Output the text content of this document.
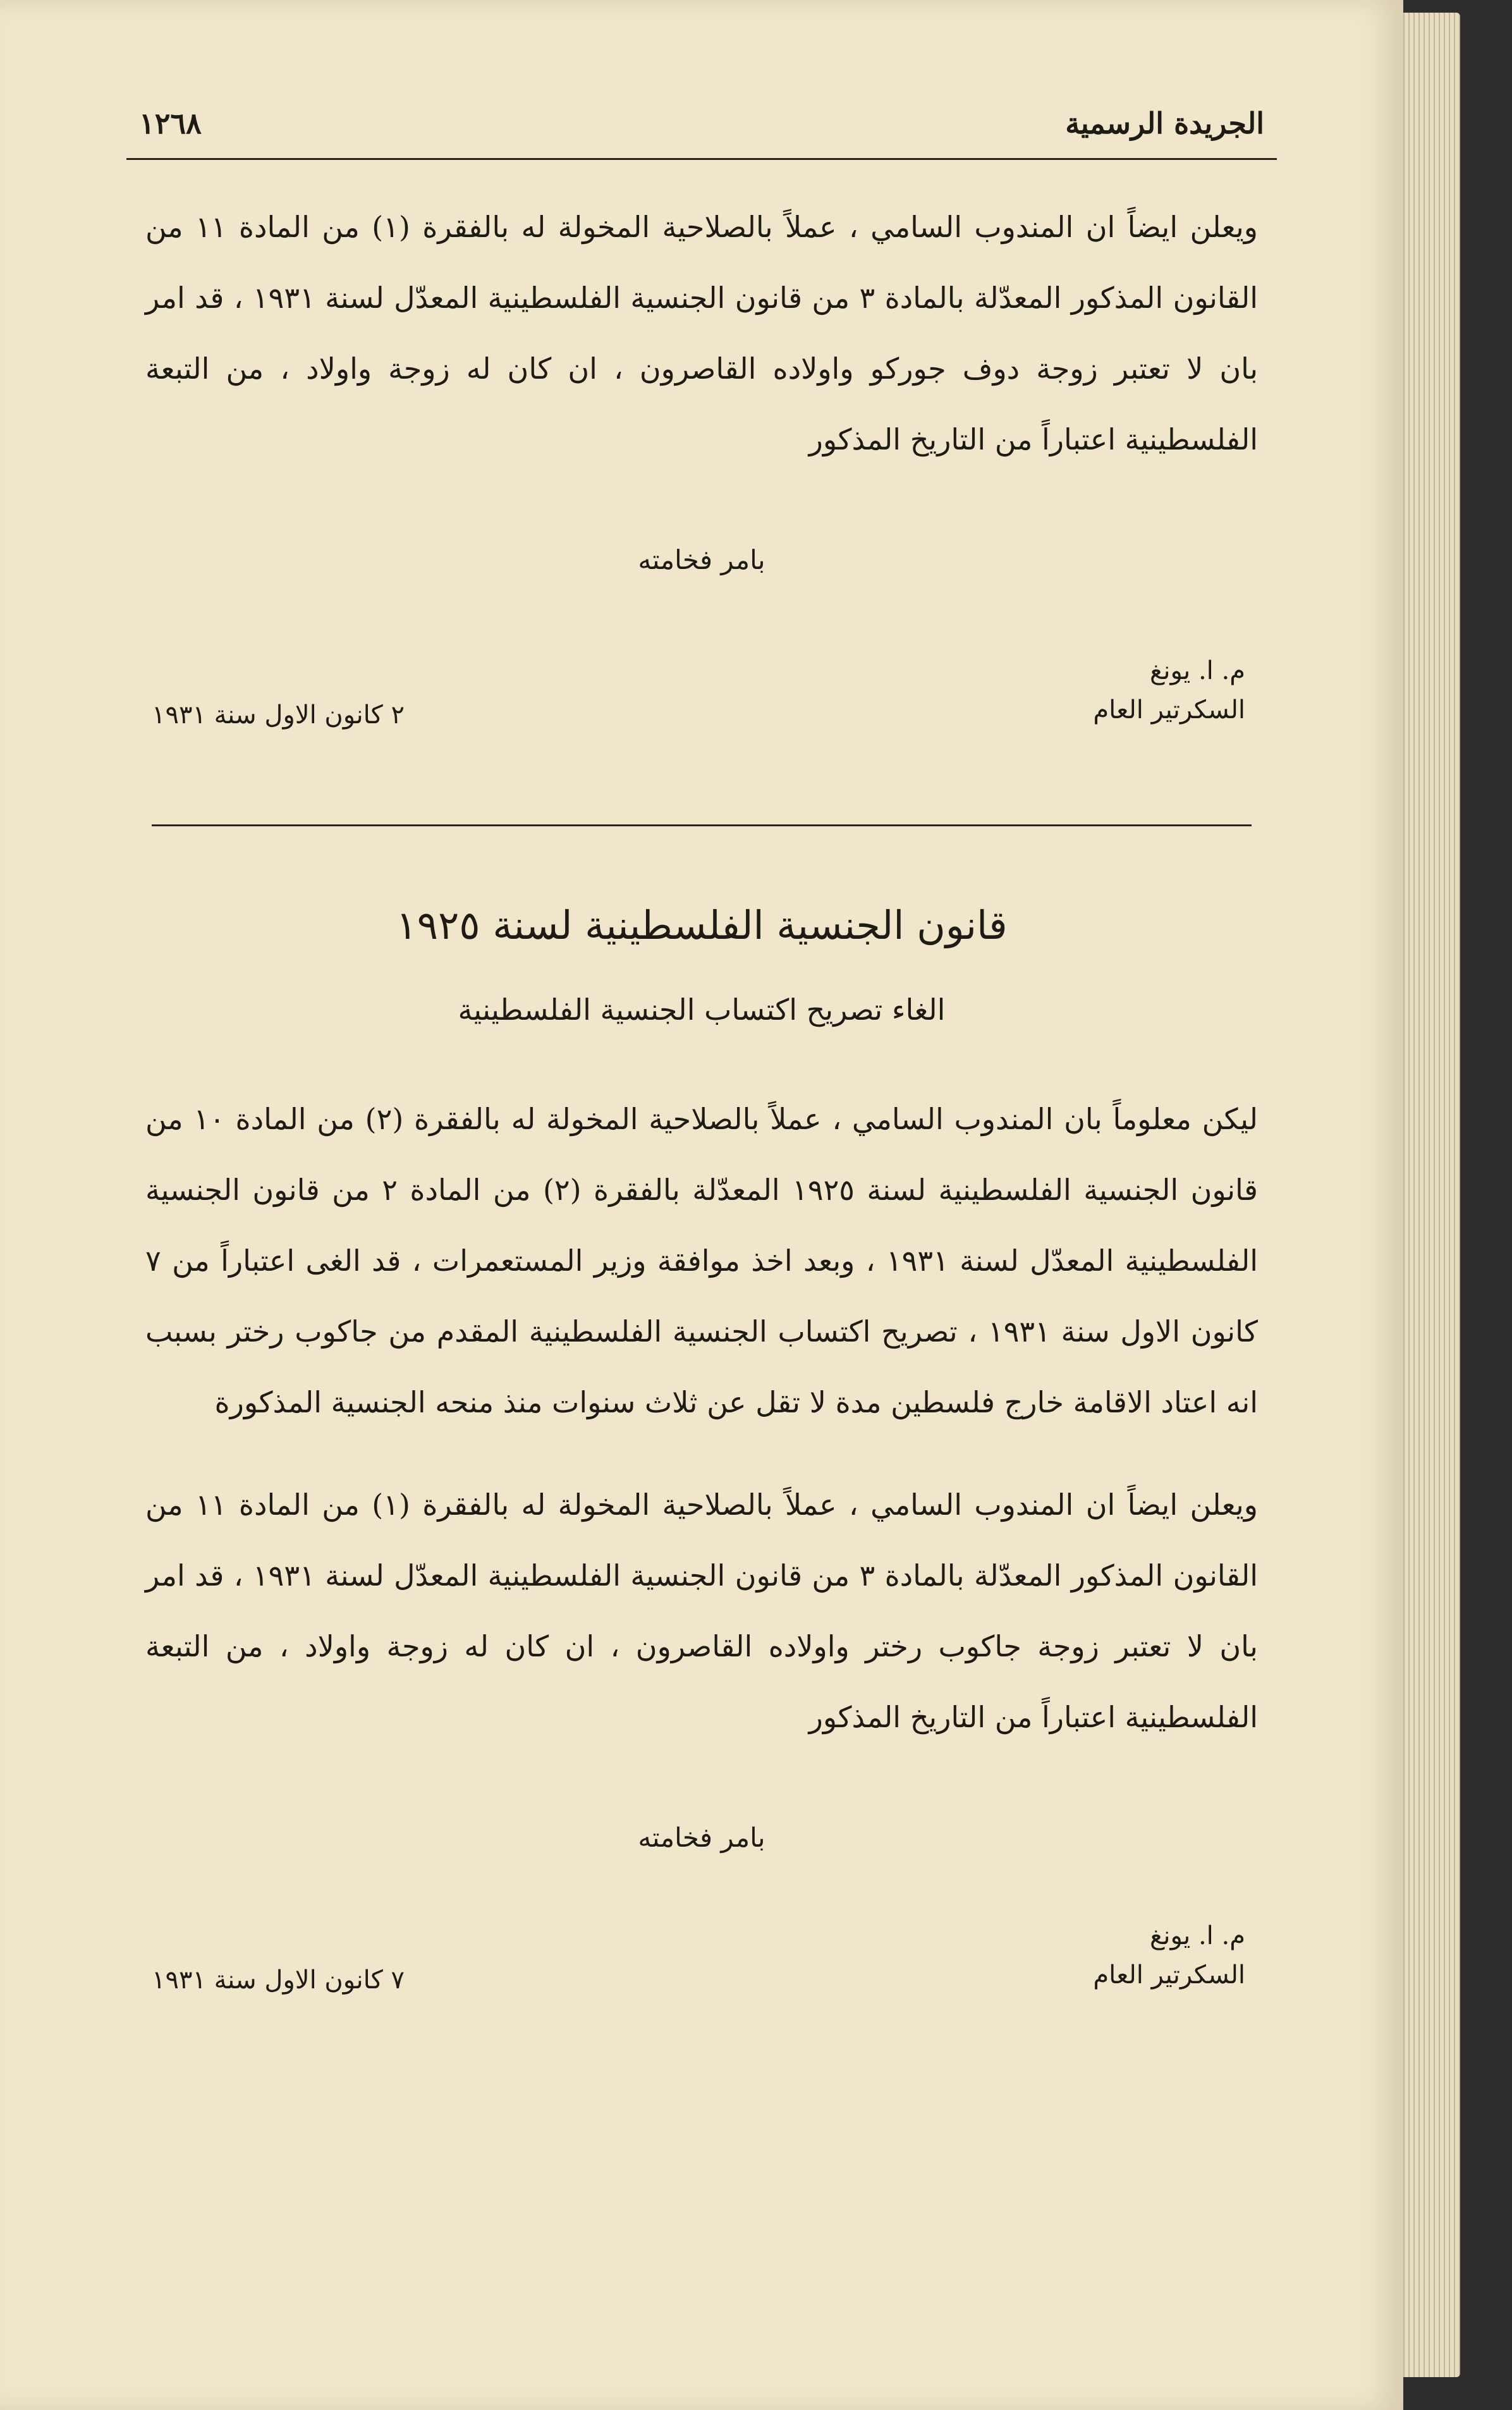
الجريدة الرسمية
١٢٦٨

ويعلن ايضاً ان المندوب السامي ، عملاً بالصلاحية المخولة له بالفقرة (١) من المادة ١١ من القانون المذكور المعدّلة بالمادة ٣ من قانون الجنسية الفلسطينية المعدّل لسنة ١٩٣١ ، قد امر بان لا تعتبر زوجة دوف جوركو واولاده القاصرون ، ان كان له زوجة واولاد ، من التبعة الفلسطينية اعتباراً من التاريخ المذكور

بامر فخامته
م. ا. يونغ
السكرتير العام
٢ كانون الاول سنة ١٩٣١
قانون الجنسية الفلسطينية لسنة ١٩٢٥
الغاء تصريح اكتساب الجنسية الفلسطينية

ليكن معلوماً بان المندوب السامي ، عملاً بالصلاحية المخولة له بالفقرة (٢) من المادة ١٠ من قانون الجنسية الفلسطينية لسنة ١٩٢٥ المعدّلة بالفقرة (٢) من المادة ٢ من قانون الجنسية الفلسطينية المعدّل لسنة ١٩٣١ ، وبعد اخذ موافقة وزير المستعمرات ، قد الغى اعتباراً من ٧ كانون الاول سنة ١٩٣١ ، تصريح اكتساب الجنسية الفلسطينية المقدم من جاكوب رختر بسبب انه اعتاد الاقامة خارج فلسطين مدة لا تقل عن ثلاث سنوات منذ منحه الجنسية المذكورة

ويعلن ايضاً ان المندوب السامي ، عملاً بالصلاحية المخولة له بالفقرة (١) من المادة ١١ من القانون المذكور المعدّلة بالمادة ٣ من قانون الجنسية الفلسطينية المعدّل لسنة ١٩٣١ ، قد امر بان لا تعتبر زوجة جاكوب رختر واولاده القاصرون ، ان كان له زوجة واولاد ، من التبعة الفلسطينية اعتباراً من التاريخ المذكور

بامر فخامته
م. ا. يونغ
السكرتير العام
٧ كانون الاول سنة ١٩٣١
